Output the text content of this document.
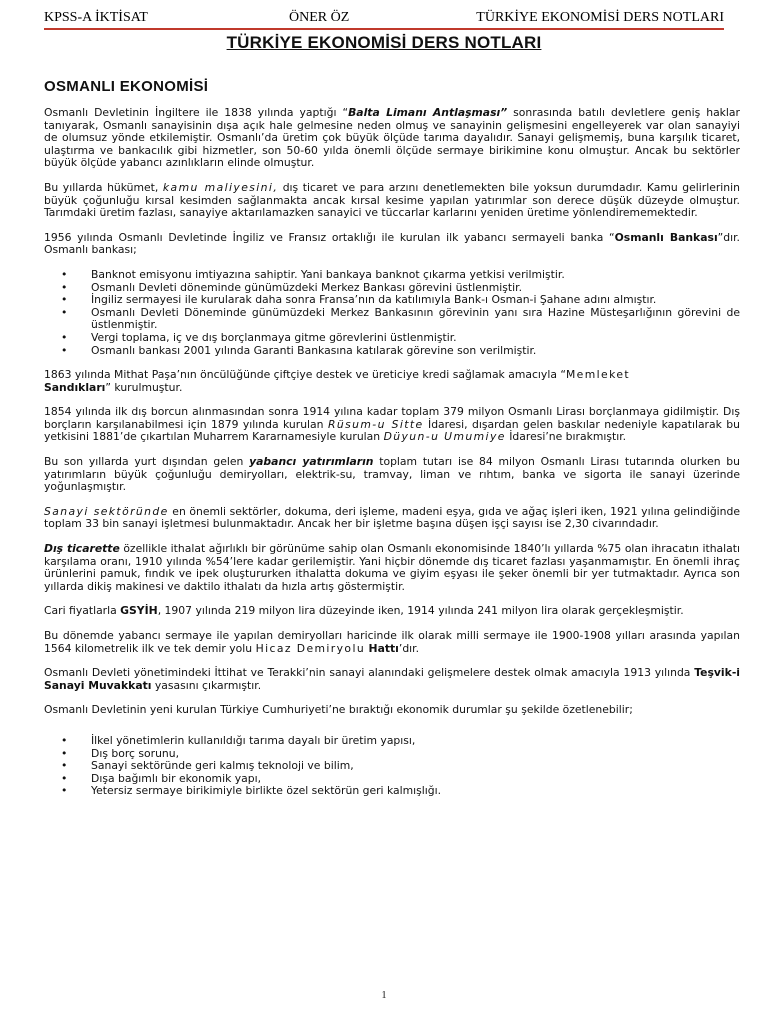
KPSS-A İKTİSAT	ÖNER ÖZ	TÜRKİYE EKONOMİSİ DERS NOTLARI
TÜRKİYE EKONOMİSİ DERS NOTLARI
OSMANLI EKONOMİSİ

Osmanlı Devletinin İngiltere ile 1838 yılında yaptığı “Balta Limanı Antlaşması” sonrasında batılı devletlere geniş haklar tanıyarak, Osmanlı sanayisinin dışa açık hale gelmesine neden olmuş ve sanayinin gelişmesini engelleyerek var olan sanayiyi de olumsuz yönde etkilemiştir. Osmanlı’da üretim çok büyük ölçüde tarıma dayalıdır. Sanayi gelişmemiş, buna karşılık ticaret, ulaştırma ve bankacılık gibi hizmetler, son 50-60 yılda önemli ölçüde sermaye birikimine konu olmuştur. Ancak bu sektörler büyük ölçüde yabancı azınlıkların elinde olmuştur.

Bu yıllarda hükümet, kamu maliyesini, dış ticaret ve para arzını denetlemekten bile yoksun durumdadır. Kamu gelirlerinin büyük çoğunluğu kırsal kesimden sağlanmakta ancak kırsal kesime yapılan yatırımlar son derece düşük düzeyde olmuştur. Tarımdaki üretim fazlası, sanayiye aktarılamazken sanayici ve tüccarlar karlarını yeniden üretime yönlendirememektedir.

1956 yılında Osmanlı Devletinde İngiliz ve Fransız ortaklığı ile kurulan ilk yabancı sermayeli banka “Osmanlı Bankası”dır. Osmanlı bankası;

• Banknot emisyonu imtiyazına sahiptir. Yani bankaya banknot çıkarma yetkisi verilmiştir.
• Osmanlı Devleti döneminde günümüzdeki Merkez Bankası görevini üstlenmiştir.
• İngiliz sermayesi ile kurularak daha sonra Fransa’nın da katılımıyla Bank-ı Osman-i Şahane adını almıştır.
• Osmanlı Devleti Döneminde günümüzdeki Merkez Bankasının görevinin yanı sıra Hazine Müsteşarlığının görevini de üstlenmiştir.
• Vergi toplama, iç ve dış borçlanmaya gitme görevlerini üstlenmiştir.
• Osmanlı bankası 2001 yılında Garanti Bankasına katılarak görevine son verilmiştir.

1863 yılında Mithat Paşa’nın öncülüğünde çiftçiye destek ve üreticiye kredi sağlamak amacıyla “Memleket
Sandıkları” kurulmuştur.

1854 yılında ilk dış borcun alınmasından sonra 1914 yılına kadar toplam 379 milyon Osmanlı Lirası borçlanmaya gidilmiştir. Dış borçların karşılanabilmesi için 1879 yılında kurulan Rüsum-u Sitte İdaresi, dışardan gelen baskılar nedeniyle kapatılarak bu yetkisini 1881’de çıkartılan Muharrem Kararnamesiyle kurulan Düyun-u Umumiye İdaresi’ne bırakmıştır.

Bu son yıllarda yurt dışından gelen yabancı yatırımların toplam tutarı ise 84 milyon Osmanlı Lirası tutarında olurken bu yatırımların büyük çoğunluğu demiryolları, elektrik-su, tramvay, liman ve rıhtım, banka ve sigorta ile sanayi üzerinde yoğunlaşmıştır.

Sanayi sektöründe en önemli sektörler, dokuma, deri işleme, madeni eşya, gıda ve ağaç işleri iken, 1921 yılına gelindiğinde toplam 33 bin sanayi işletmesi bulunmaktadır. Ancak her bir işletme başına düşen işçi sayısı ise 2,30 civarındadır.

Dış ticarette özellikle ithalat ağırlıklı bir görünüme sahip olan Osmanlı ekonomisinde 1840’lı yıllarda %75 olan ihracatın ithalatı karşılama oranı, 1910 yılında %54’lere kadar gerilemiştir. Yani hiçbir dönemde dış ticaret fazlası yaşanmamıştır. En önemli ihraç ürünlerini pamuk, fındık ve ipek oluştururken ithalatta dokuma ve giyim eşyası ile şeker önemli bir yer tutmaktadır. Ayrıca son yıllarda dikiş makinesi ve daktilo ithalatı da hızla artış göstermiştir.

Cari fiyatlarla GSYİH, 1907 yılında 219 milyon lira düzeyinde iken, 1914 yılında 241 milyon lira olarak gerçekleşmiştir.

Bu dönemde yabancı sermaye ile yapılan demiryolları haricinde ilk olarak milli sermaye ile 1900-1908 yılları arasında yapılan 1564 kilometrelik ilk ve tek demir yolu Hicaz Demiryolu Hattı’dır.

Osmanlı Devleti yönetimindeki İttihat ve Terakki’nin sanayi alanındaki gelişmelere destek olmak amacıyla 1913 yılında Teşvik-i Sanayi Muvakkatı yasasını çıkarmıştır.

Osmanlı Devletinin yeni kurulan Türkiye Cumhuriyeti’ne bıraktığı ekonomik durumlar şu şekilde özetlenebilir;

• İlkel yönetimlerin kullanıldığı tarıma dayalı bir üretim yapısı,
• Dış borç sorunu,
• Sanayi sektöründe geri kalmış teknoloji ve bilim,
• Dışa bağımlı bir ekonomik yapı,
• Yetersiz sermaye birikimiyle birlikte özel sektörün geri kalmışlığı.
1
